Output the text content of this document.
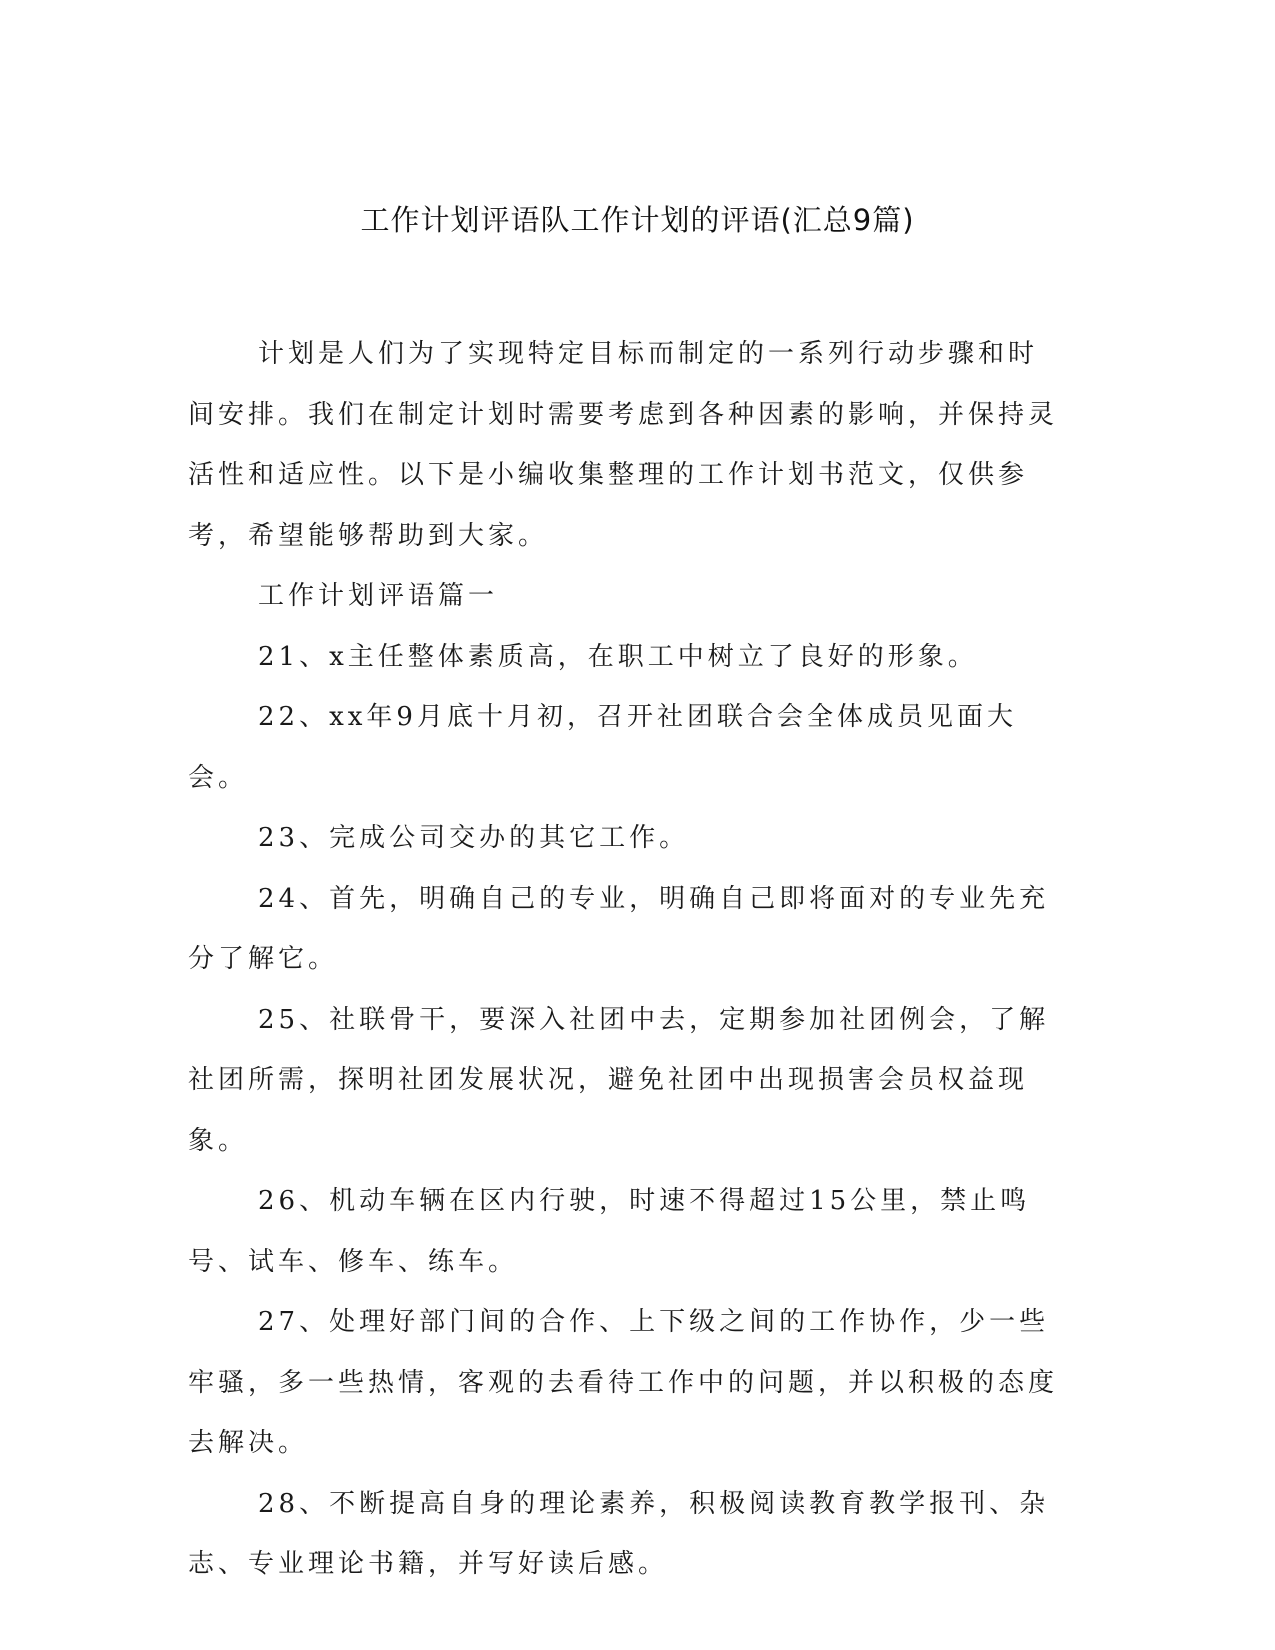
工作计划评语队工作计划的评语(汇总9篇)

计划是人们为了实现特定目标而制定的一系列行动步骤和时间安排。我们在制定计划时需要考虑到各种因素的影响，并保持灵活性和适应性。以下是小编收集整理的工作计划书范文，仅供参考，希望能够帮助到大家。

工作计划评语篇一

21、x主任整体素质高，在职工中树立了良好的形象。

22、xx年9月底十月初，召开社团联合会全体成员见面大会。

23、完成公司交办的其它工作。

24、首先，明确自己的专业，明确自己即将面对的专业先充分了解它。

25、社联骨干，要深入社团中去，定期参加社团例会，了解社团所需，探明社团发展状况，避免社团中出现损害会员权益现象。

26、机动车辆在区内行驶，时速不得超过15公里，禁止鸣号、试车、修车、练车。

27、处理好部门间的合作、上下级之间的工作协作，少一些牢骚，多一些热情，客观的去看待工作中的问题，并以积极的态度去解决。

28、不断提高自身的理论素养，积极阅读教育教学报刊、杂志、专业理论书籍，并写好读后感。
